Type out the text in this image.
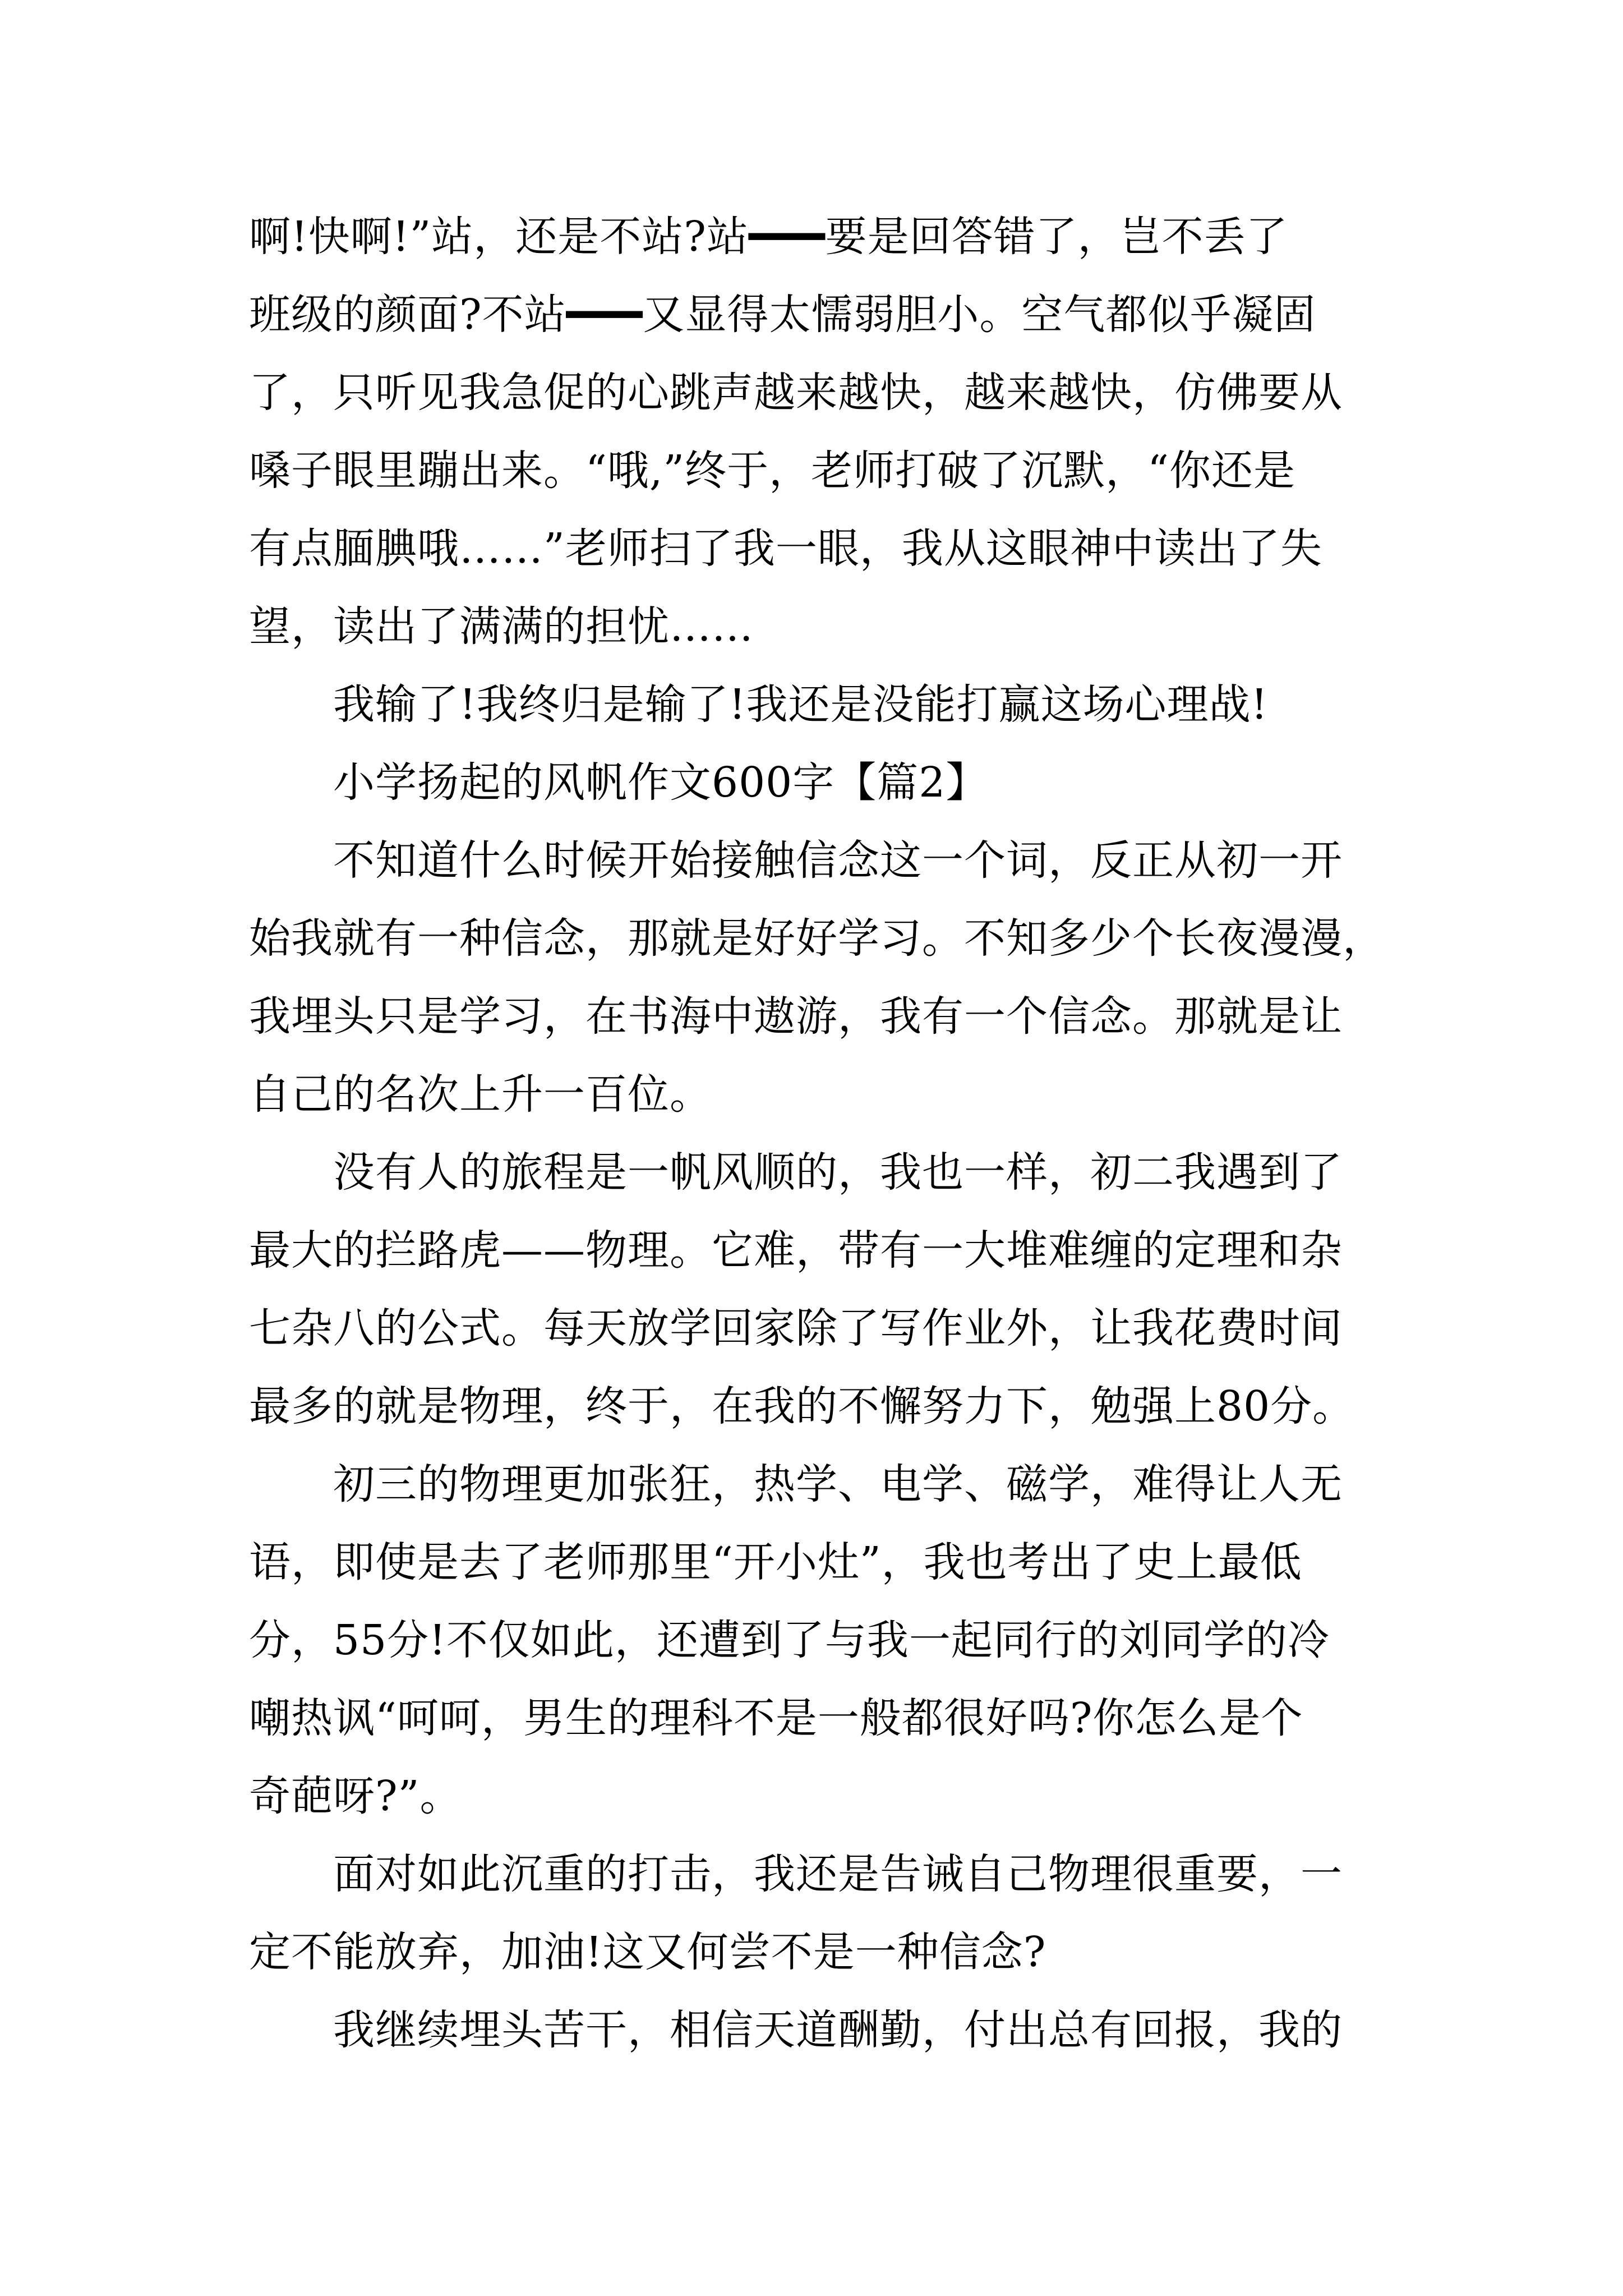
啊!快啊!”站，还是不站?站━━━要是回答错了，岂不丢了
班级的颜面?不站━━━又显得太懦弱胆小。空气都似乎凝固
了，只听见我急促的心跳声越来越快，越来越快，仿佛要从
嗓子眼里蹦出来。“哦,”终于，老师打破了沉默，“你还是
有点腼腆哦……”老师扫了我一眼，我从这眼神中读出了失
望，读出了满满的担忧……
我输了!我终归是输了!我还是没能打赢这场心理战!
小学扬起的风帆作文600字【篇2】
不知道什么时候开始接触信念这一个词，反正从初一开
始我就有一种信念，那就是好好学习。不知多少个长夜漫漫，
我埋头只是学习，在书海中遨游，我有一个信念。那就是让
自己的名次上升一百位。
没有人的旅程是一帆风顺的，我也一样，初二我遇到了
最大的拦路虎——物理。它难，带有一大堆难缠的定理和杂
七杂八的公式。每天放学回家除了写作业外，让我花费时间
最多的就是物理，终于，在我的不懈努力下，勉强上80分。
初三的物理更加张狂，热学、电学、磁学，难得让人无
语，即使是去了老师那里“开小灶”，我也考出了史上最低
分，55分!不仅如此，还遭到了与我一起同行的刘同学的冷
嘲热讽“呵呵，男生的理科不是一般都很好吗?你怎么是个
奇葩呀?”。
面对如此沉重的打击，我还是告诫自己物理很重要，一
定不能放弃，加油!这又何尝不是一种信念?
我继续埋头苦干，相信天道酬勤，付出总有回报，我的
